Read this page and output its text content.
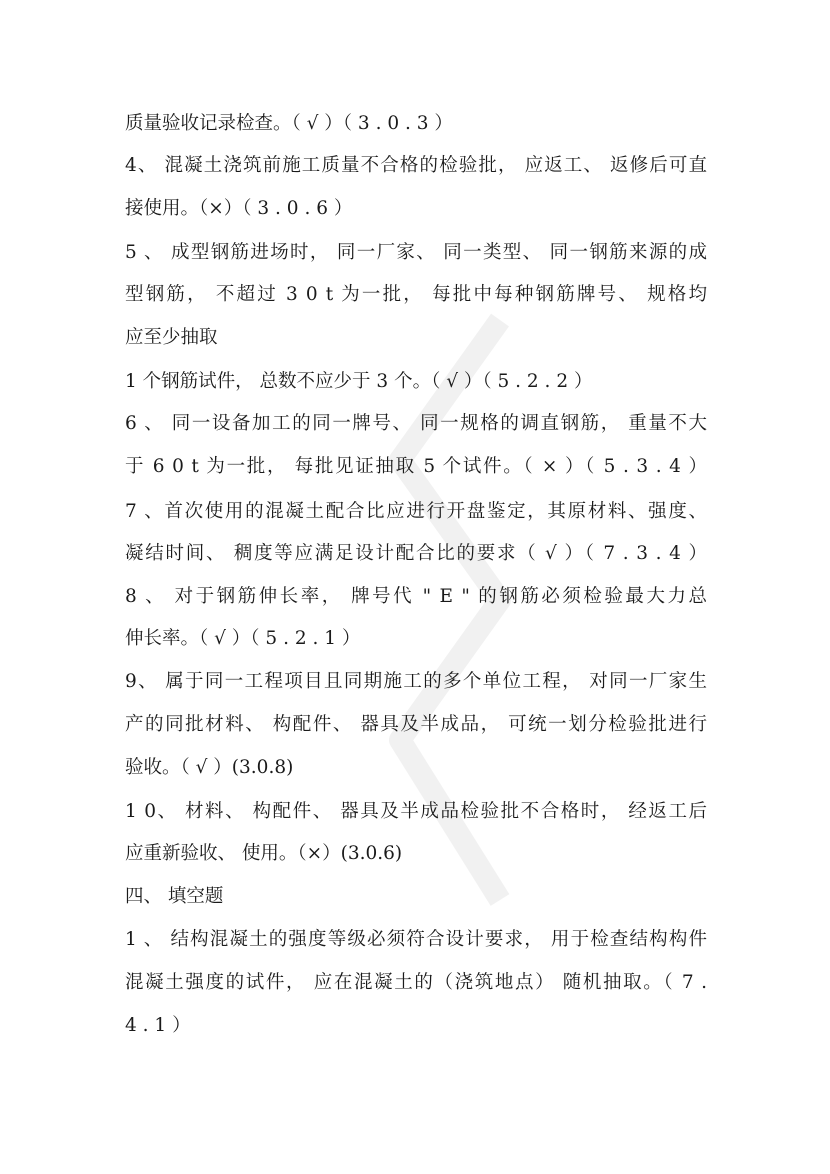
质量验收记录检查。（ √ ）（ 3 . 0 . 3 ）
4、 混凝土浇筑前施工质量不合格的检验批， 应返工、 返修后可直
接使用。（×）（ 3 . 0 . 6 ）
5 、 成型钢筋进场时， 同一厂家、 同一类型、 同一钢筋来源的成
型钢筋， 不超过 3 0 t 为一批， 每批中每种钢筋牌号、 规格均
应至少抽取
1 个钢筋试件， 总数不应少于 3 个。（ √ ）（ 5 . 2 . 2 ）
6 、 同一设备加工的同一牌号、 同一规格的调直钢筋， 重量不大
于 6 0 t 为一批， 每批见证抽取 5 个试件。（ × ）（ 5 . 3 . 4 ）
7 、首次使用的混凝土配合比应进行开盘鉴定，其原材料、强度、
凝结时间、 稠度等应满足设计配合比的要求（ √ ）（ 7 . 3 . 4 ）
8 、 对于钢筋伸长率， 牌号代 " E " 的钢筋必须检验最大力总
伸长率。（ √ ）（ 5 . 2 . 1 ）
9、 属于同一工程项目且同期施工的多个单位工程， 对同一厂家生
产的同批材料、 构配件、 器具及半成品， 可统一划分检验批进行
验收。（ √ ）(3.0.8)
1 0、 材料、 构配件、 器具及半成品检验批不合格时， 经返工后
应重新验收、 使用。（×）(3.0.6)
四、 填空题
1 、 结构混凝土的强度等级必须符合设计要求， 用于检查结构构件
混凝土强度的试件， 应在混凝土的（浇筑地点） 随机抽取。（ 7 .
4 . 1 ）
